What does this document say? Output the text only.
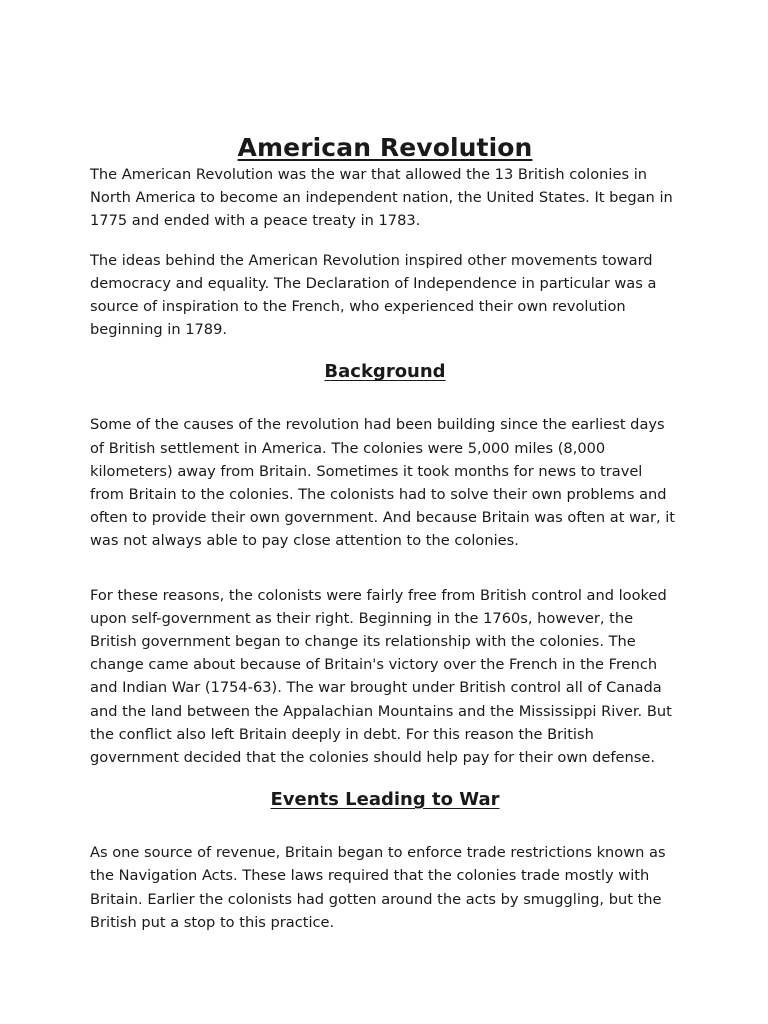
American Revolution

The American Revolution was the war that allowed the 13 British colonies in North America to become an independent nation, the United States. It began in 1775 and ended with a peace treaty in 1783.

The ideas behind the American Revolution inspired other movements toward democracy and equality. The Declaration of Independence in particular was a source of inspiration to the French, who experienced their own revolution beginning in 1789.

Background

Some of the causes of the revolution had been building since the earliest days of British settlement in America. The colonies were 5,000 miles (8,000 kilometers) away from Britain. Sometimes it took months for news to travel from Britain to the colonies. The colonists had to solve their own problems and often to provide their own government. And because Britain was often at war, it was not always able to pay close attention to the colonies.

For these reasons, the colonists were fairly free from British control and looked upon self-government as their right. Beginning in the 1760s, however, the British government began to change its relationship with the colonies. The change came about because of Britain's victory over the French in the French and Indian War (1754-63). The war brought under British control all of Canada and the land between the Appalachian Mountains and the Mississippi River. But the conflict also left Britain deeply in debt. For this reason the British government decided that the colonies should help pay for their own defense.

Events Leading to War

As one source of revenue, Britain began to enforce trade restrictions known as the Navigation Acts. These laws required that the colonies trade mostly with Britain. Earlier the colonists had gotten around the acts by smuggling, but the British put a stop to this practice.
